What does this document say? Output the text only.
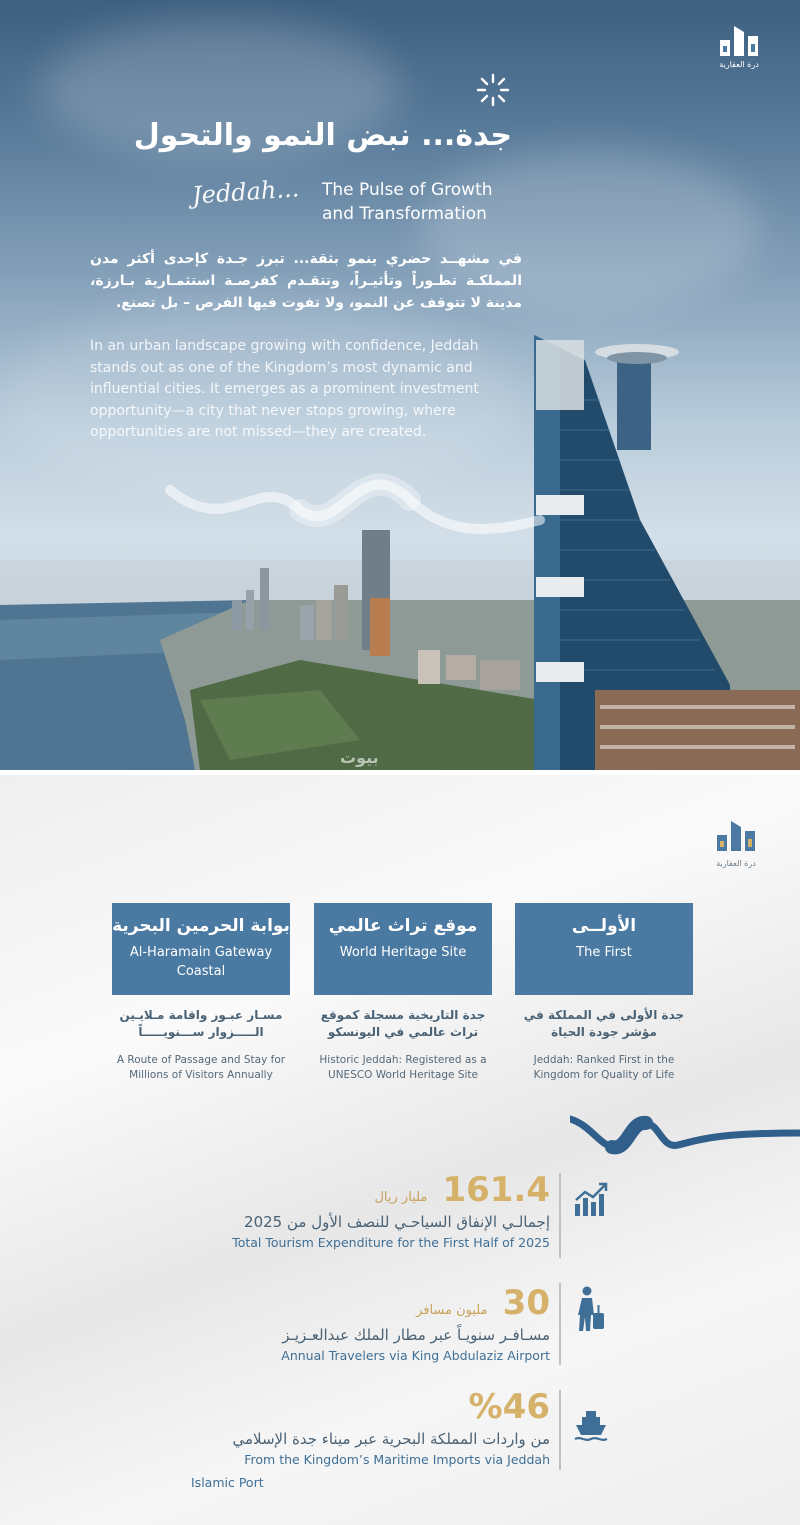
درة العقارية
جدة... نبض النمو والتحول
Jeddah... The Pulse of Growth
and Transformation
في مشهــد حضري ينمو بثقة... تبرز جـدة كإحدى أكثر مدن المملكـة تطـوراً وتأثيـراً، وتتقـدم كفرصـة استثمـارية بـارزة، مدينة لا تتوقف عن النمو، ولا تفوت فيها الفرص – بل تصنع.
In an urban landscape growing with confidence, Jeddah stands out as one of the Kingdom’s most dynamic and influential cities. It emerges as a prominent investment opportunity—a city that never stops growing, where opportunities are not missed—they are created.
بيوت
درة العقارية
الأولــى
The First
جدة الأولى في المملكة في مؤشر جودة الحياة
Jeddah: Ranked First in the Kingdom for Quality of Life
موقع تراث عالمي
World Heritage Site
جدة التاريخية مسجلة كموقع تراث عالمي في اليونسكو
Historic Jeddah: Registered as a UNESCO World Heritage Site
بوابة الحرمين البحرية
Al-Haramain Gateway Coastal
مسـار عبـور واقامة مـلايـين الـــــزوار ســـنويـــــاً
A Route of Passage and Stay for Millions of Visitors Annually
مليار ريال 161.4
إجمالـي الإنفاق السياحـي للنصف الأول من 2025
Total Tourism Expenditure for the First Half of 2025
مليون مسافر 30
مسـافـر سنويـاً عبر مطار الملك عبدالعـزيـز
Annual Travelers via King Abdulaziz Airport
%46
من واردات المملكة البحرية عبر ميناء جدة الإسلامي
From the Kingdom’s Maritime Imports via Jeddah
Islamic Port
